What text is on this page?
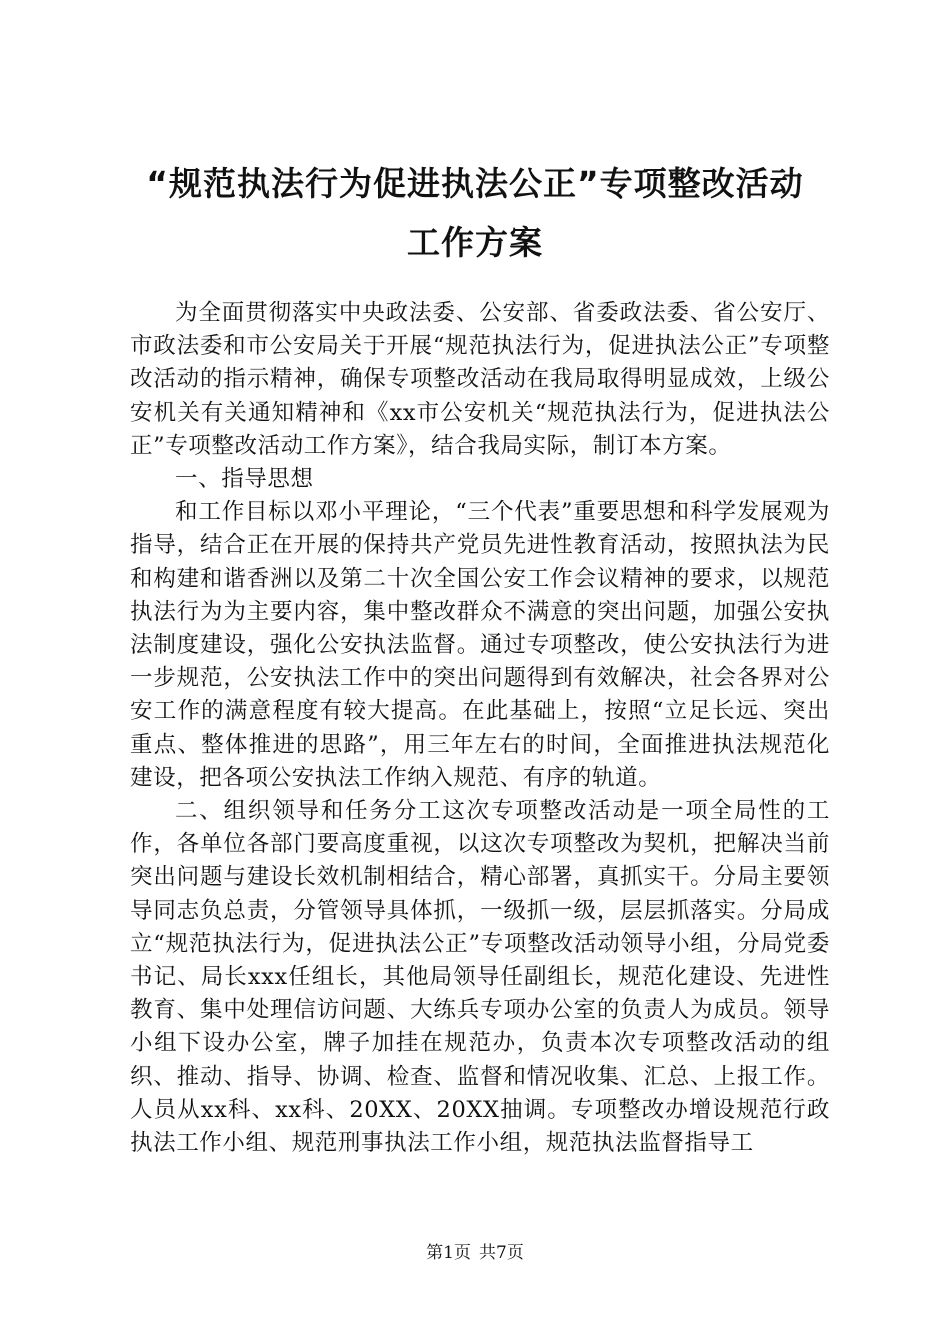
“规范执法行为促进执法公正”专项整改活动
工作方案

为全面贯彻落实中央政法委、公安部、省委政法委、省公安厅、市政法委和市公安局关于开展“规范执法行为，促进执法公正”专项整改活动的指示精神，确保专项整改活动在我局取得明显成效，上级公安机关有关通知精神和《xx市公安机关“规范执法行为，促进执法公正”专项整改活动工作方案》，结合我局实际，制订本方案。

一、指导思想

和工作目标以邓小平理论，“三个代表”重要思想和科学发展观为指导，结合正在开展的保持共产党员先进性教育活动，按照执法为民和构建和谐香洲以及第二十次全国公安工作会议精神的要求，以规范执法行为为主要内容，集中整改群众不满意的突出问题，加强公安执法制度建设，强化公安执法监督。通过专项整改，使公安执法行为进一步规范，公安执法工作中的突出问题得到有效解决，社会各界对公安工作的满意程度有较大提高。在此基础上，按照“立足长远、突出重点、整体推进的思路”，用三年左右的时间，全面推进执法规范化建设，把各项公安执法工作纳入规范、有序的轨道。

二、组织领导和任务分工这次专项整改活动是一项全局性的工作，各单位各部门要高度重视，以这次专项整改为契机，把解决当前突出问题与建设长效机制相结合，精心部署，真抓实干。分局主要领导同志负总责，分管领导具体抓，一级抓一级，层层抓落实。分局成立“规范执法行为，促进执法公正”专项整改活动领导小组，分局党委书记、局长xxx任组长，其他局领导任副组长，规范化建设、先进性教育、集中处理信访问题、大练兵专项办公室的负责人为成员。领导小组下设办公室，牌子加挂在规范办，负责本次专项整改活动的组织、推动、指导、协调、检查、监督和情况收集、汇总、上报工作。人员从xx科、xx科、20XX、20XX抽调。专项整改办增设规范行政执法工作小组、规范刑事执法工作小组，规范执法监督指导工

第1页 共7页
